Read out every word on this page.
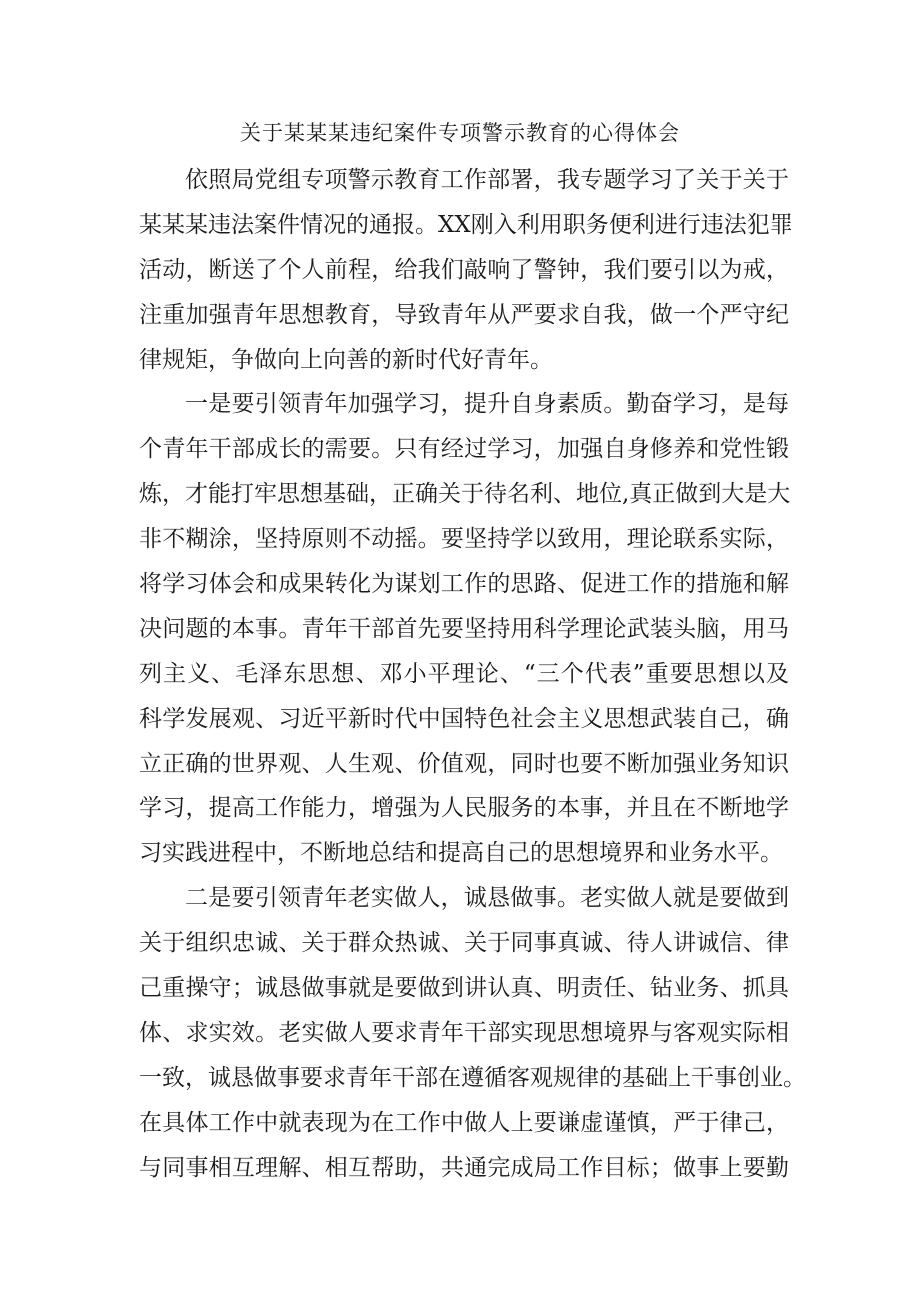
关于某某某违纪案件专项警示教育的心得体会
依照局党组专项警示教育工作部署，我专题学习了关于关于
某某某违法案件情况的通报。XX刚入利用职务便利进行违法犯罪
活动，断送了个人前程，给我们敲响了警钟，我们要引以为戒，
注重加强青年思想教育，导致青年从严要求自我，做一个严守纪
律规矩，争做向上向善的新时代好青年。
一是要引领青年加强学习，提升自身素质。勤奋学习，是每
个青年干部成长的需要。只有经过学习，加强自身修养和党性锻
炼，才能打牢思想基础，正确关于待名利、地位,真正做到大是大
非不糊涂，坚持原则不动摇。要坚持学以致用，理论联系实际，
将学习体会和成果转化为谋划工作的思路、促进工作的措施和解
决问题的本事。青年干部首先要坚持用科学理论武装头脑，用马
列主义、毛泽东思想、邓小平理论、“三个代表”重要思想以及
科学发展观、习近平新时代中国特色社会主义思想武装自己，确
立正确的世界观、人生观、价值观，同时也要不断加强业务知识
学习，提高工作能力，增强为人民服务的本事，并且在不断地学
习实践进程中，不断地总结和提高自己的思想境界和业务水平。
二是要引领青年老实做人，诚恳做事。老实做人就是要做到
关于组织忠诚、关于群众热诚、关于同事真诚、待人讲诚信、律
己重操守；诚恳做事就是要做到讲认真、明责任、钻业务、抓具
体、求实效。老实做人要求青年干部实现思想境界与客观实际相
一致，诚恳做事要求青年干部在遵循客观规律的基础上干事创业。
在具体工作中就表现为在工作中做人上要谦虚谨慎，严于律己，
与同事相互理解、相互帮助，共通完成局工作目标；做事上要勤
